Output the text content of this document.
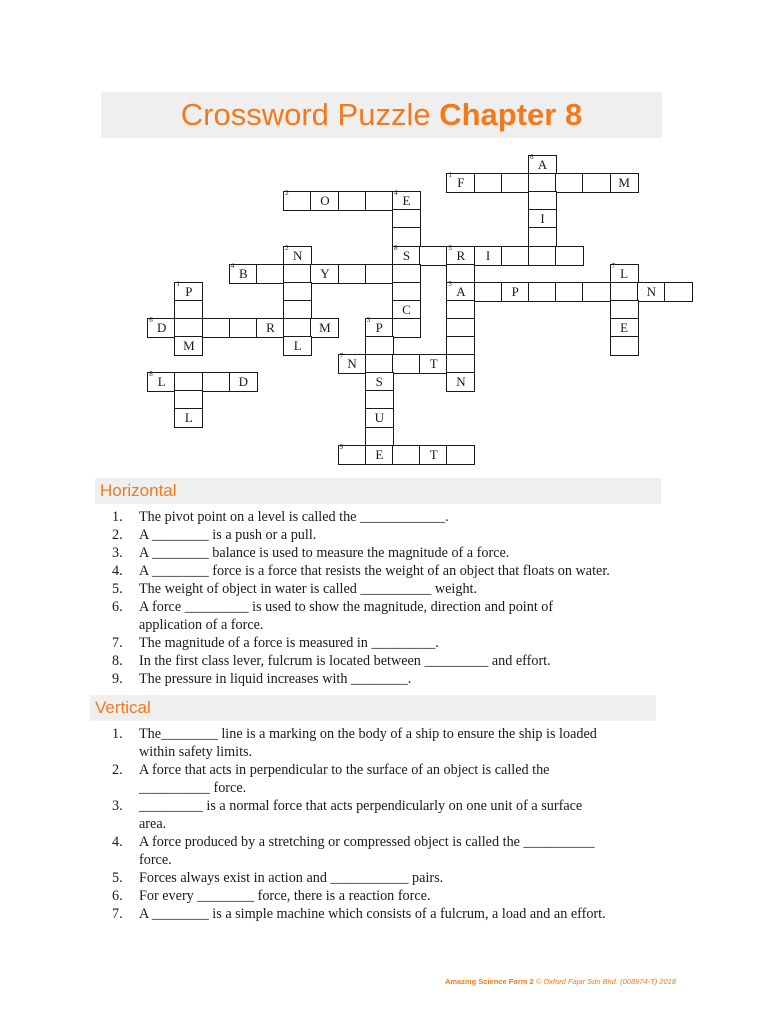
Crossword Puzzle Chapter 8
6 A
1 F	M
2	O	4 E
I
2 N	8 S	5 R	I
4 B	Y	7 L
1 P	5 A	P	N
C
6 D	R	M	3 P	E
M	L
7 N	T
8 L	D	S	N
L	U
9	E	T
Horizontal
1. The pivot point on a level is called the ____________.
2. A ________ is a push or a pull.
3. A ________ balance is used to measure the magnitude of a force.
4. A ________ force is a force that resists the weight of an object that floats on water.
5. The weight of object in water is called __________ weight.
6. A force _________ is used to show the magnitude, direction and point of
application of a force.
7. The magnitude of a force is measured in _________.
8. In the first class lever, fulcrum is located between _________ and effort.
9. The pressure in liquid increases with ________.
Vertical
1. The________ line is a marking on the body of a ship to ensure the ship is loaded
within safety limits.
2. A force that acts in perpendicular to the surface of an object is called the
__________ force.
3. _________ is a normal force that acts perpendicularly on one unit of a surface
area.
4. A force produced by a stretching or compressed object is called the __________
force.
5. Forces always exist in action and ___________ pairs.
6. For every ________ force, there is a reaction force.
7. A ________ is a simple machine which consists of a fulcrum, a load and an effort.
Amazing Science Form 2 © Oxford Fajar Sdn Bhd. (008974-T) 2018
